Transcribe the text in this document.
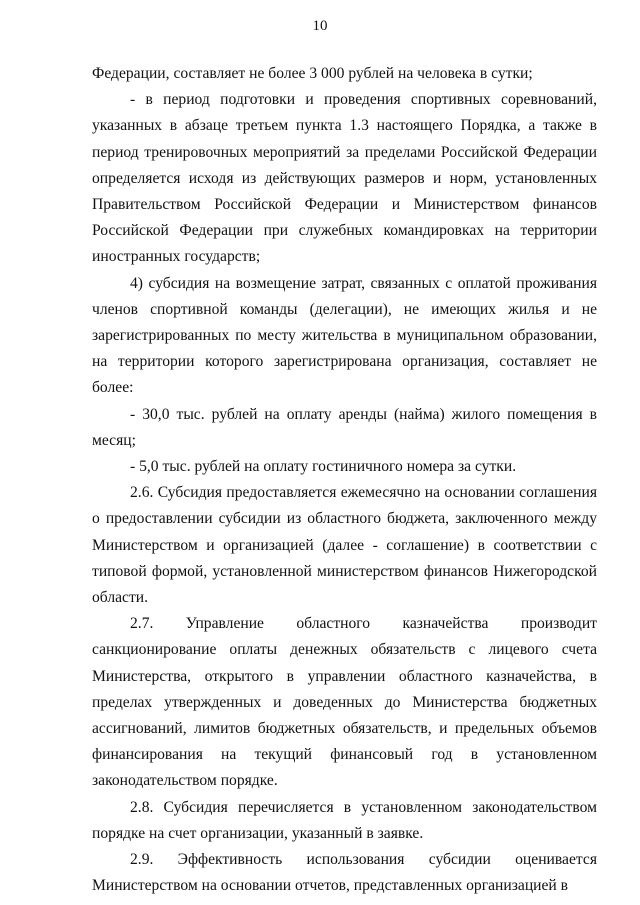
10

Федерации, составляет не более 3 000 рублей на человека в сутки;

- в период подготовки и проведения спортивных соревнований, указанных в абзаце третьем пункта 1.3 настоящего Порядка, а также в период тренировочных мероприятий за пределами Российской Федерации определяется исходя из действующих размеров и норм, установленных Правительством Российской Федерации и Министерством финансов Российской Федерации при служебных командировках на территории иностранных государств;

4) субсидия на возмещение затрат, связанных с оплатой проживания членов спортивной команды (делегации), не имеющих жилья и не зарегистрированных по месту жительства в муниципальном образовании, на территории которого зарегистрирована организация, составляет не более:

- 30,0 тыс. рублей на оплату аренды (найма) жилого помещения в месяц;

- 5,0 тыс. рублей на оплату гостиничного номера за сутки.

2.6. Субсидия предоставляется ежемесячно на основании соглашения о предоставлении субсидии из областного бюджета, заключенного между Министерством и организацией (далее - соглашение) в соответствии с типовой формой, установленной министерством финансов Нижегородской области.

2.7. Управление областного казначейства производит санкционирование оплаты денежных обязательств с лицевого счета Министерства, открытого в управлении областного казначейства, в пределах утвержденных и доведенных до Министерства бюджетных ассигнований, лимитов бюджетных обязательств, и предельных объемов финансирования на текущий финансовый год в установленном законодательством порядке.

2.8. Субсидия перечисляется в установленном законодательством порядке на счет организации, указанный в заявке.

2.9. Эффективность использования субсидии оценивается Министерством на основании отчетов, представленных организацией в
